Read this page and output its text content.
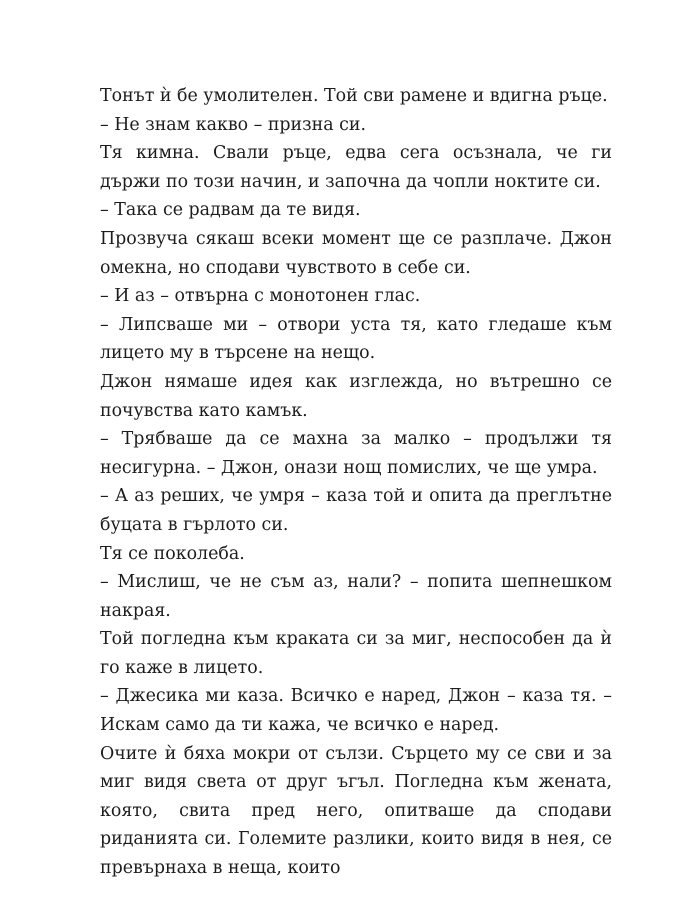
Тонът ѝ бе умолителен. Той сви рамене и вдигна ръце.

– Не знам какво – призна си.

Тя кимна. Свали ръце, едва сега осъзнала, че ги държи по този начин, и започна да чопли ноктите си.

– Така се радвам да те видя.

Прозвуча сякаш всеки момент ще се разплаче. Джон омекна, но сподави чувството в себе си.

– И аз – отвърна с монотонен глас.

– Липсваше ми – отвори уста тя, като гледаше към лицето му в търсене на нещо.

Джон нямаше идея как изглежда, но вътрешно се почувства като камък.

– Трябваше да се махна за малко – продължи тя несигурна. – Джон, онази нощ помислих, че ще умра.

– А аз реших, че умря – каза той и опита да преглътне буцата в гърлото си.

Тя се поколеба.

– Мислиш, че не съм аз, нали? – попита шепнешком накрая.

Той погледна към краката си за миг, неспособен да ѝ го каже в лицето.

– Джесика ми каза. Всичко е наред, Джон – каза тя. – Искам само да ти кажа, че всичко е наред.

Очите ѝ бяха мокри от сълзи. Сърцето му се сви и за миг видя света от друг ъгъл. Погледна към жената, която, свита пред него, опитваше да сподави риданията си. Големите разлики, които видя в нея, се превърнаха в неща, които
